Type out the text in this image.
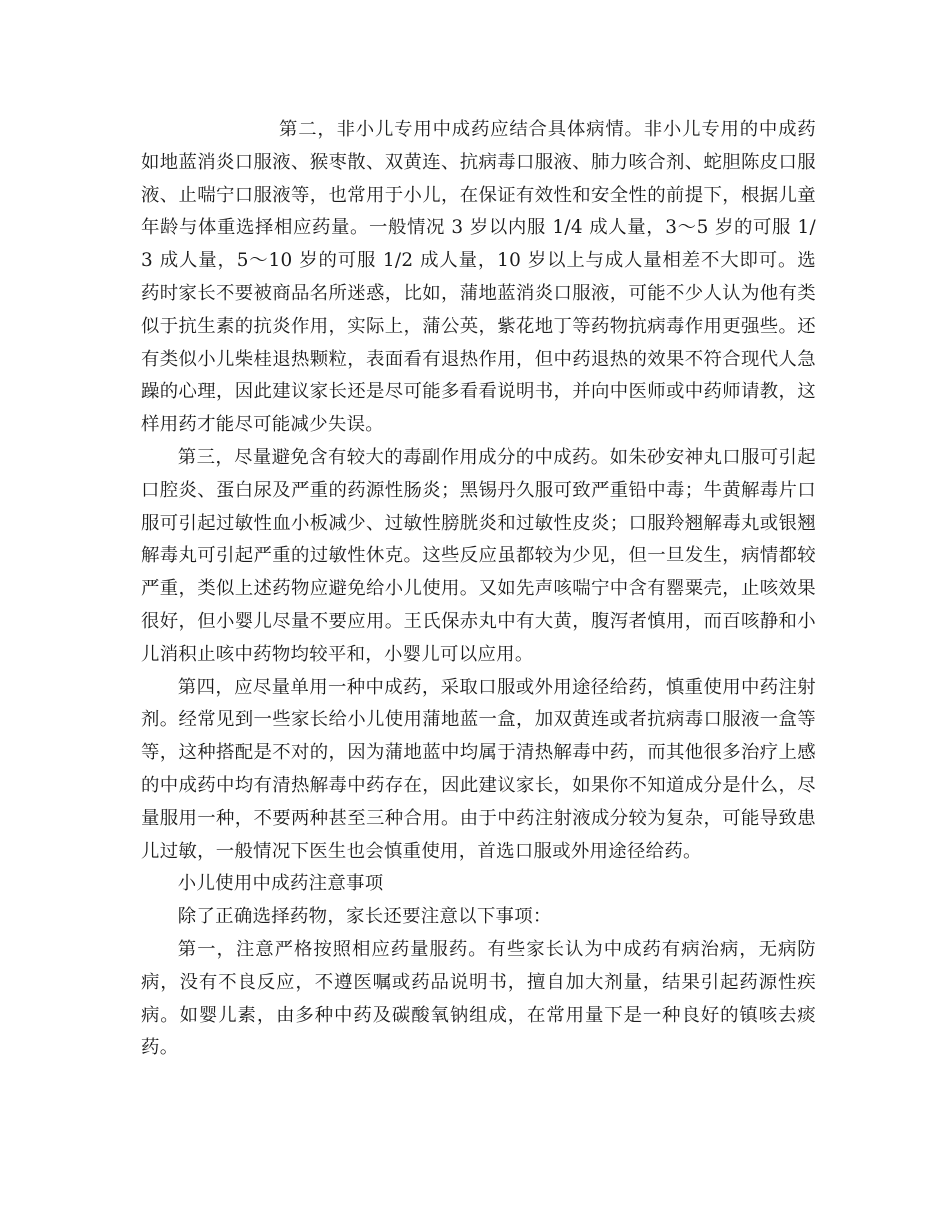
第二，非小儿专用中成药应结合具体病情。非小儿专用的中成药如地蓝消炎口服液、猴枣散、双黄连、抗病毒口服液、肺力咳合剂、蛇胆陈皮口服液、止喘宁口服液等，也常用于小儿，在保证有效性和安全性的前提下，根据儿童年龄与体重选择相应药量。一般情况 3 岁以内服 1/4 成人量，3～5 岁的可服 1/3 成人量，5～10 岁的可服 1/2 成人量，10 岁以上与成人量相差不大即可。选药时家长不要被商品名所迷惑，比如，蒲地蓝消炎口服液，可能不少人认为他有类似于抗生素的抗炎作用，实际上，蒲公英，紫花地丁等药物抗病毒作用更强些。还有类似小儿柴桂退热颗粒，表面看有退热作用，但中药退热的效果不符合现代人急躁的心理，因此建议家长还是尽可能多看看说明书，并向中医师或中药师请教，这样用药才能尽可能减少失误。

第三，尽量避免含有较大的毒副作用成分的中成药。如朱砂安神丸口服可引起口腔炎、蛋白尿及严重的药源性肠炎；黑锡丹久服可致严重铅中毒；牛黄解毒片口服可引起过敏性血小板减少、过敏性膀胱炎和过敏性皮炎；口服羚翘解毒丸或银翘解毒丸可引起严重的过敏性休克。这些反应虽都较为少见，但一旦发生，病情都较严重，类似上述药物应避免给小儿使用。又如先声咳喘宁中含有罂粟壳，止咳效果很好，但小婴儿尽量不要应用。王氏保赤丸中有大黄，腹泻者慎用，而百咳静和小儿消积止咳中药物均较平和，小婴儿可以应用。

第四，应尽量单用一种中成药，采取口服或外用途径给药，慎重使用中药注射剂。经常见到一些家长给小儿使用蒲地蓝一盒，加双黄连或者抗病毒口服液一盒等等，这种搭配是不对的，因为蒲地蓝中均属于清热解毒中药，而其他很多治疗上感的中成药中均有清热解毒中药存在，因此建议家长，如果你不知道成分是什么，尽量服用一种，不要两种甚至三种合用。由于中药注射液成分较为复杂，可能导致患儿过敏，一般情况下医生也会慎重使用，首选口服或外用途径给药。

小儿使用中成药注意事项

除了正确选择药物，家长还要注意以下事项：

第一，注意严格按照相应药量服药。有些家长认为中成药有病治病，无病防病，没有不良反应，不遵医嘱或药品说明书，擅自加大剂量，结果引起药源性疾病。如婴儿素，由多种中药及碳酸氧钠组成，在常用量下是一种良好的镇咳去痰药。
